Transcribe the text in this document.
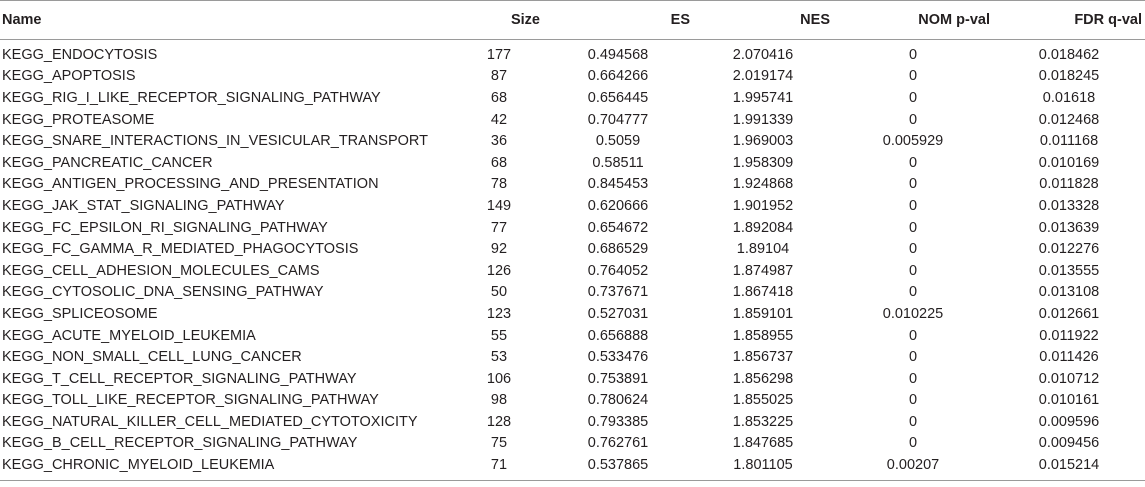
Name	Size	ES	NES	NOM p-val	FDR q-val
KEGG_ENDOCYTOSIS	177	0.494568	2.070416	0	0.018462
KEGG_APOPTOSIS	87	0.664266	2.019174	0	0.018245
KEGG_RIG_I_LIKE_RECEPTOR_SIGNALING_PATHWAY	68	0.656445	1.995741	0	0.01618
KEGG_PROTEASOME	42	0.704777	1.991339	0	0.012468
KEGG_SNARE_INTERACTIONS_IN_VESICULAR_TRANSPORT	36	0.5059	1.969003	0.005929	0.011168
KEGG_PANCREATIC_CANCER	68	0.58511	1.958309	0	0.010169
KEGG_ANTIGEN_PROCESSING_AND_PRESENTATION	78	0.845453	1.924868	0	0.011828
KEGG_JAK_STAT_SIGNALING_PATHWAY	149	0.620666	1.901952	0	0.013328
KEGG_FC_EPSILON_RI_SIGNALING_PATHWAY	77	0.654672	1.892084	0	0.013639
KEGG_FC_GAMMA_R_MEDIATED_PHAGOCYTOSIS	92	0.686529	1.89104	0	0.012276
KEGG_CELL_ADHESION_MOLECULES_CAMS	126	0.764052	1.874987	0	0.013555
KEGG_CYTOSOLIC_DNA_SENSING_PATHWAY	50	0.737671	1.867418	0	0.013108
KEGG_SPLICEOSOME	123	0.527031	1.859101	0.010225	0.012661
KEGG_ACUTE_MYELOID_LEUKEMIA	55	0.656888	1.858955	0	0.011922
KEGG_NON_SMALL_CELL_LUNG_CANCER	53	0.533476	1.856737	0	0.011426
KEGG_T_CELL_RECEPTOR_SIGNALING_PATHWAY	106	0.753891	1.856298	0	0.010712
KEGG_TOLL_LIKE_RECEPTOR_SIGNALING_PATHWAY	98	0.780624	1.855025	0	0.010161
KEGG_NATURAL_KILLER_CELL_MEDIATED_CYTOTOXICITY	128	0.793385	1.853225	0	0.009596
KEGG_B_CELL_RECEPTOR_SIGNALING_PATHWAY	75	0.762761	1.847685	0	0.009456
KEGG_CHRONIC_MYELOID_LEUKEMIA	71	0.537865	1.801105	0.00207	0.015214
